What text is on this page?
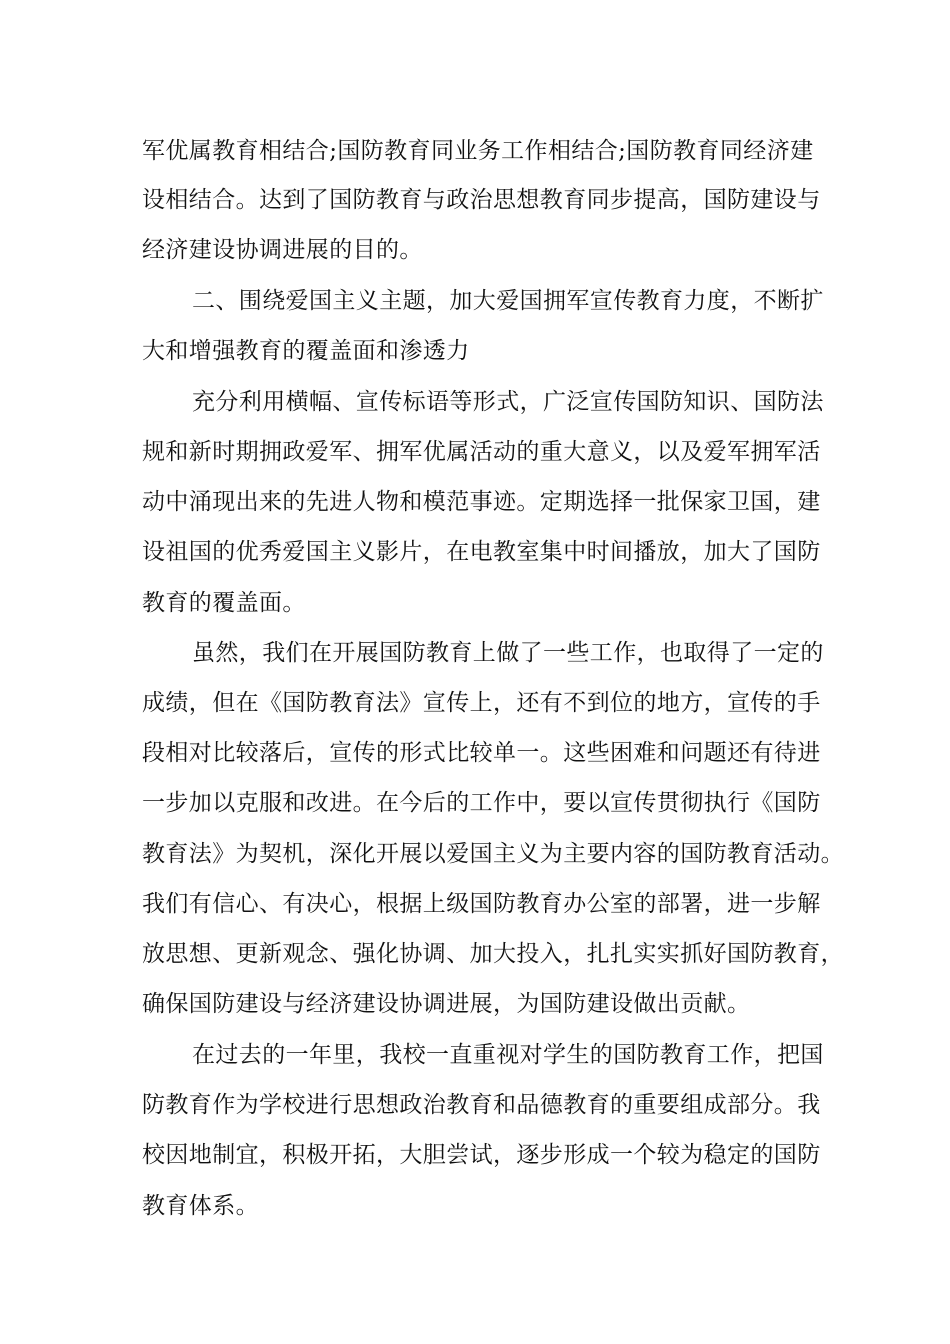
军优属教育相结合;国防教育同业务工作相结合;国防教育同经济建
设相结合。达到了国防教育与政治思想教育同步提高，国防建设与
经济建设协调进展的目的。
二、围绕爱国主义主题，加大爱国拥军宣传教育力度，不断扩
大和增强教育的覆盖面和渗透力
充分利用横幅、宣传标语等形式，广泛宣传国防知识、国防法
规和新时期拥政爱军、拥军优属活动的重大意义，以及爱军拥军活
动中涌现出来的先进人物和模范事迹。定期选择一批保家卫国，建
设祖国的优秀爱国主义影片，在电教室集中时间播放，加大了国防
教育的覆盖面。
虽然，我们在开展国防教育上做了一些工作，也取得了一定的
成绩，但在《国防教育法》宣传上，还有不到位的地方，宣传的手
段相对比较落后，宣传的形式比较单一。这些困难和问题还有待进
一步加以克服和改进。在今后的工作中，要以宣传贯彻执行《国防
教育法》为契机，深化开展以爱国主义为主要内容的国防教育活动。
我们有信心、有决心，根据上级国防教育办公室的部署，进一步解
放思想、更新观念、强化协调、加大投入，扎扎实实抓好国防教育，
确保国防建设与经济建设协调进展，为国防建设做出贡献。
在过去的一年里，我校一直重视对学生的国防教育工作，把国
防教育作为学校进行思想政治教育和品德教育的重要组成部分。我
校因地制宜，积极开拓，大胆尝试，逐步形成一个较为稳定的国防
教育体系。
